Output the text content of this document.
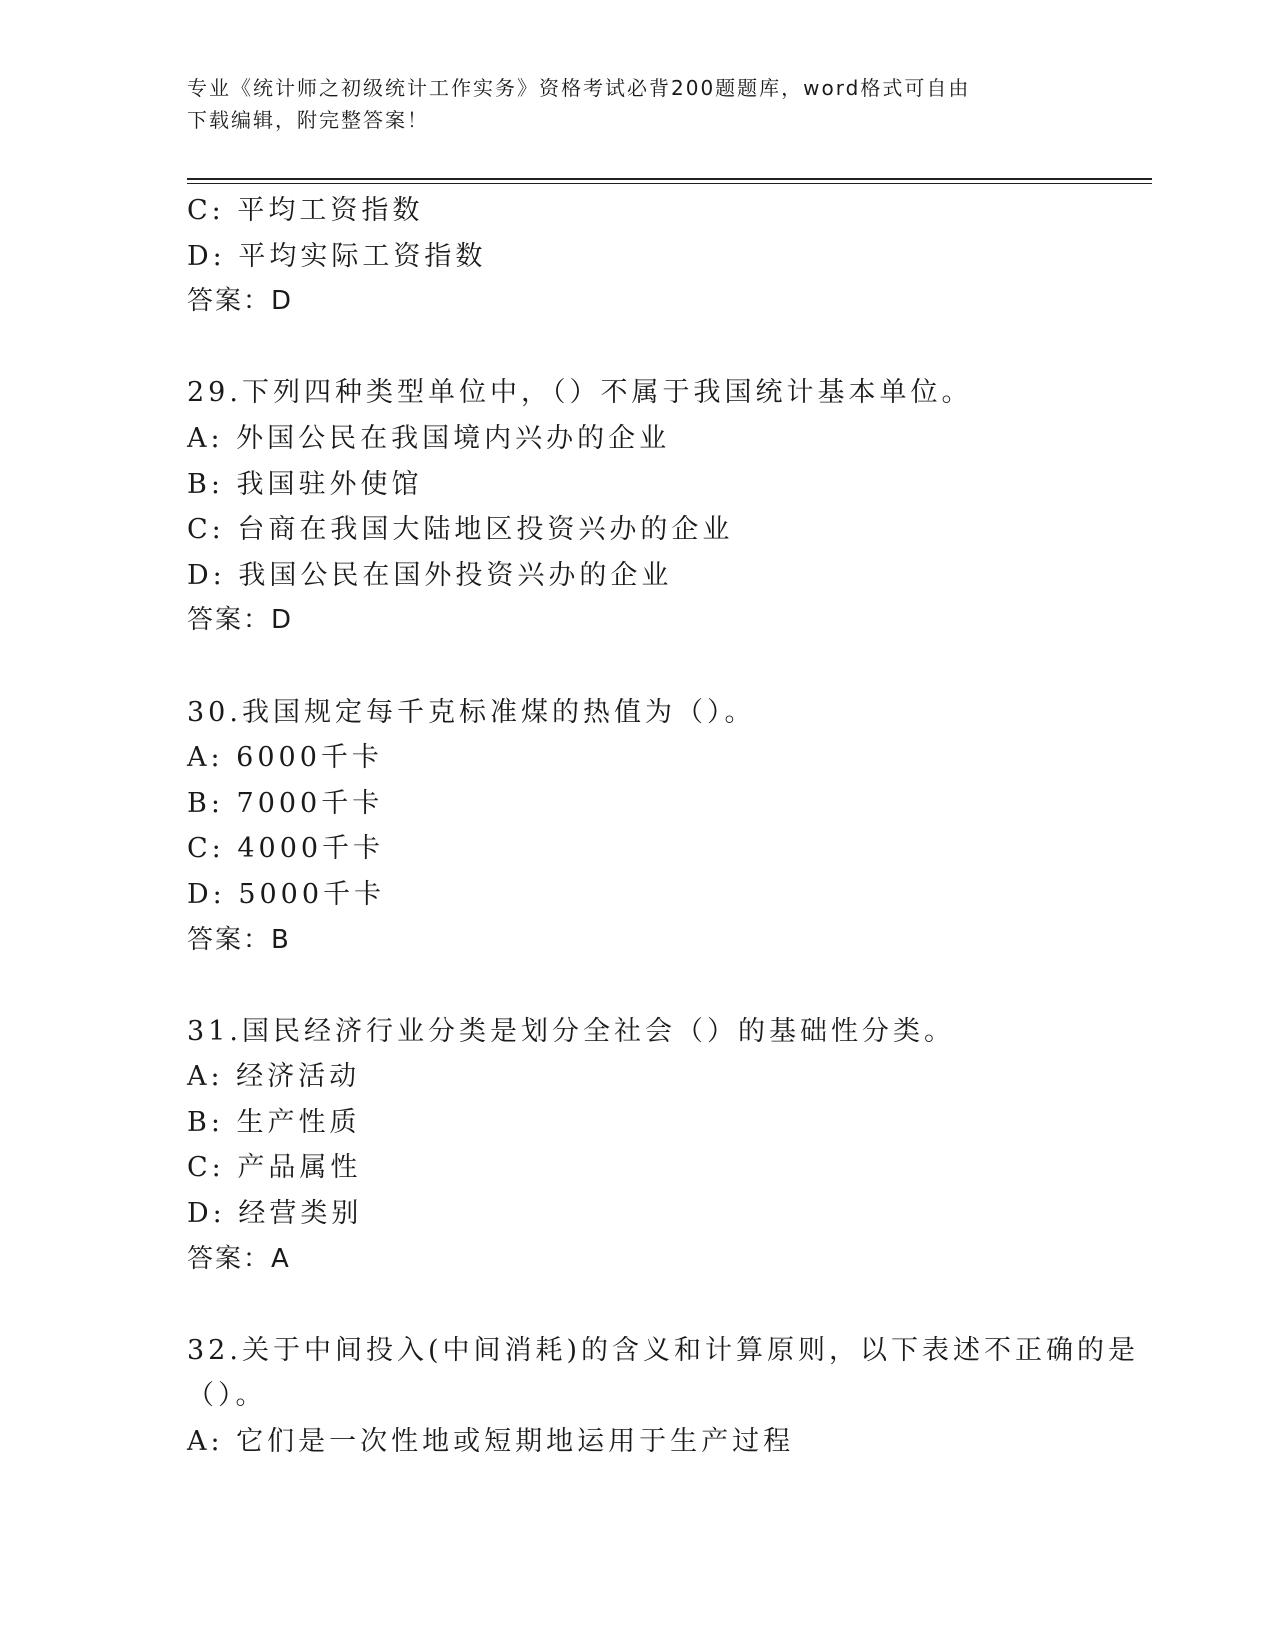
专业《统计师之初级统计工作实务》资格考试必背200题题库，word格式可自由
下载编辑，附完整答案！
C: 平均工资指数
D: 平均实际工资指数
答案：D
29.下列四种类型单位中，（）不属于我国统计基本单位。
A: 外国公民在我国境内兴办的企业
B: 我国驻外使馆
C: 台商在我国大陆地区投资兴办的企业
D: 我国公民在国外投资兴办的企业
答案：D
30.我国规定每千克标准煤的热值为（）。
A: 6000千卡
B: 7000千卡
C: 4000千卡
D: 5000千卡
答案：B
31.国民经济行业分类是划分全社会（）的基础性分类。
A: 经济活动
B: 生产性质
C: 产品属性
D: 经营类别
答案：A
32.关于中间投入(中间消耗)的含义和计算原则，以下表述不正确的是
（）。
A: 它们是一次性地或短期地运用于生产过程
